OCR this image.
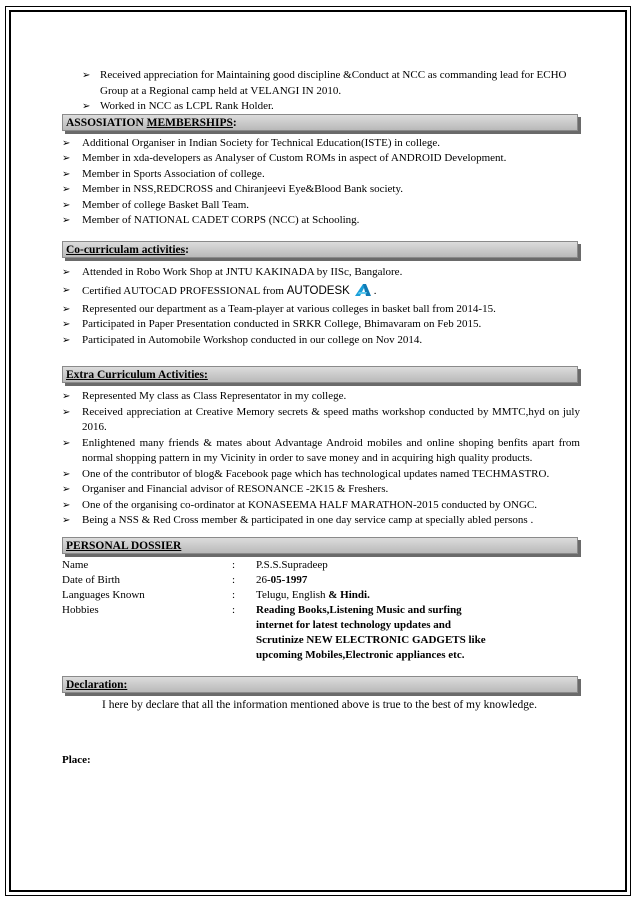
➢ Received appreciation for Maintaining good discipline &Conduct at NCC as commanding lead for ECHO Group at a Regional camp held at VELANGI IN 2010.
➢ Worked in NCC as LCPL Rank Holder.
ASSOSIATION MEMBERSHIPS:
➢ Additional Organiser in Indian Society for Technical Education(ISTE) in college.
➢ Member in xda-developers as Analyser of Custom ROMs in aspect of ANDROID Development.
➢ Member in Sports Association of college.
➢ Member in NSS,REDCROSS and Chiranjeevi Eye&Blood Bank society.
➢ Member of college Basket Ball Team.
➢ Member of NATIONAL CADET CORPS (NCC) at Schooling.
Co-curriculam activities:
➢ Attended in Robo Work Shop at JNTU KAKINADA by IISc, Bangalore.
➢ Certified AUTOCAD PROFESSIONAL from AUTODESK .
➢ Represented our department as a Team-player at various colleges in basket ball from 2014-15.
➢ Participated in Paper Presentation conducted in SRKR College, Bhimavaram on Feb 2015.
➢ Participated in Automobile Workshop conducted in our college on Nov 2014.
Extra Curriculum Activities:
➢ Represented My class as Class Representator in my college.
➢ Received appreciation at Creative Memory secrets & speed maths workshop conducted by MMTC,hyd on july 2016.
➢ Enlightened many friends & mates about Advantage Android mobiles and online shoping benfits apart from normal shopping pattern in my Vicinity in order to save money and in acquiring high quality products.
➢ One of the contributor of blog& Facebook page which has technological updates named TECHMASTRO.
➢ Organiser and Financial advisor of RESONANCE -2K15 & Freshers.
➢ One of the organising co-ordinator at KONASEEMA HALF MARATHON-2015 conducted by ONGC.
➢ Being a NSS & Red Cross member & participated in one day service camp at specially abled persons .
PERSONAL DOSSIER
Name	:	P.S.S.Supradeep
Date of Birth	:	26-05-1997
Languages Known	:	Telugu, English & Hindi.
Hobbies	:	Reading Books,Listening Music and surfing internet for latest technology updates and Scrutinize NEW ELECTRONIC GADGETS like upcoming Mobiles,Electronic appliances etc.
Declaration:

I here by declare that all the information mentioned above is true to the best of my knowledge.

Place:
